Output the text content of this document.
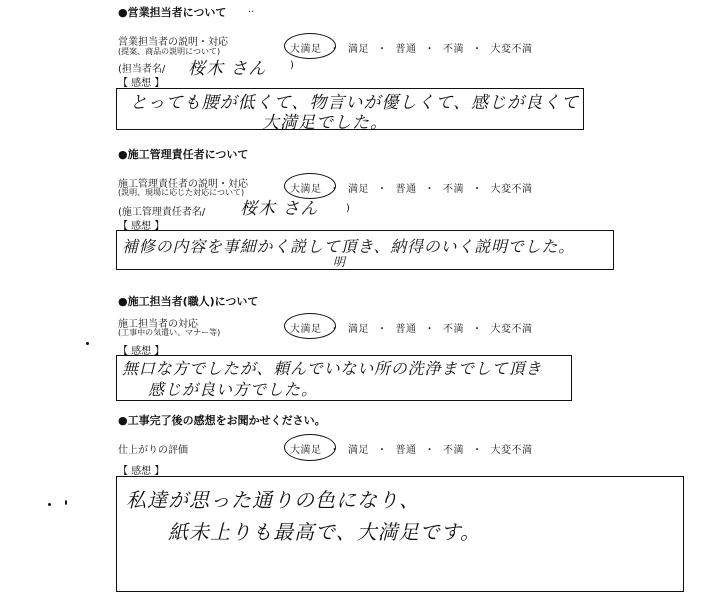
●営業担当者について ..
営業担当者の説明・対応
(提案、商品の説明について)	大満足 ・ 満足 ・ 普通 ・ 不満 ・ 大変不満
(担当者名/ 桜木 さん )
【 感想 】
とっても腰が低くて、物言いが優しくて、感じが良くて
大満足でした。
●施工管理責任者について
施工管理責任者の説明・対応
(説明、現場に応じた対応について)	大満足 ・ 満足 ・ 普通 ・ 不満 ・ 大変不満
(施工管理責任者名/ 桜木 さん	)
【 感想 】
補修の内容を事細かく説して頂き、納得のいく説明でした。
明
●施工担当者(職人)について
施工担当者の対応
(工事中の気遣い、マナー等)	大満足 ・ 満足 ・ 普通 ・ 不満 ・ 大変不満
【 感想 】
無口な方でしたが、頼んでいない所の洗浄までして頂き
感じが良い方でした。
●工事完了後の感想をお聞かせください。
仕上がりの評価	大満足 ・ 満足 ・ 普通 ・ 不満 ・ 大変不満
【 感想 】
私達が思った通りの色になり、
紙未上りも最高で、大満足です。
